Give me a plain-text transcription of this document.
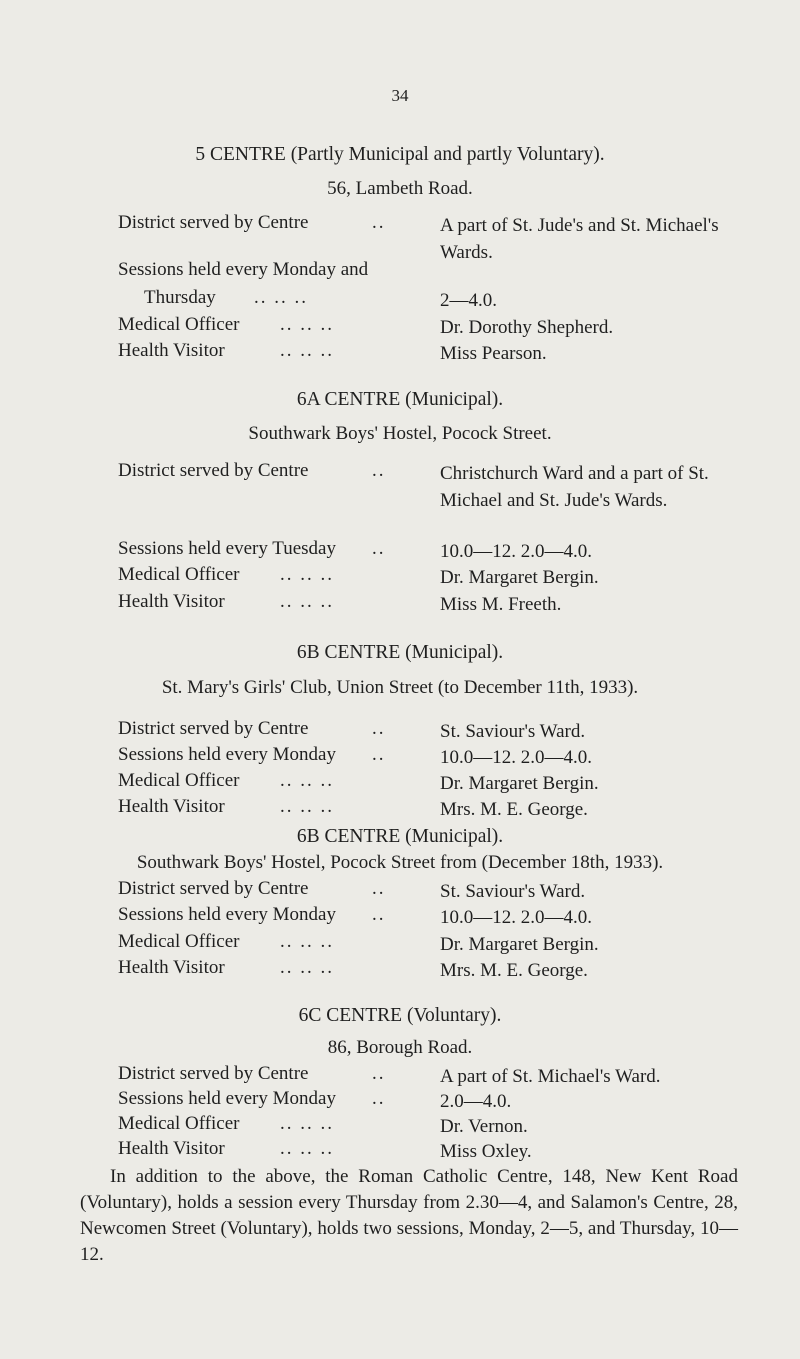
34
5 CENTRE (Partly Municipal and partly Voluntary).
56, Lambeth Road.
District served by Centre	..	A part of St. Jude's and St. Michael's Wards.
Sessions held every Monday and
Thursday	.. .. ..	2—4.0.
Medical Officer	.. .. ..	Dr. Dorothy Shepherd.
Health Visitor	.. .. ..	Miss Pearson.
6A CENTRE (Municipal).
Southwark Boys' Hostel, Pocock Street.
District served by Centre	..	Christchurch Ward and a part of St. Michael and St. Jude's Wards.
Sessions held every Tuesday	..	10.0—12. 2.0—4.0.
Medical Officer	.. .. ..	Dr. Margaret Bergin.
Health Visitor	.. .. ..	Miss M. Freeth.
6B CENTRE (Municipal).
St. Mary's Girls' Club, Union Street (to December 11th, 1933).
District served by Centre	..	St. Saviour's Ward.
Sessions held every Monday	..	10.0—12. 2.0—4.0.
Medical Officer	.. .. ..	Dr. Margaret Bergin.
Health Visitor	.. .. ..	Mrs. M. E. George.
6B CENTRE (Municipal).
Southwark Boys' Hostel, Pocock Street from (December 18th, 1933).
District served by Centre	..	St. Saviour's Ward.
Sessions held every Monday	..	10.0—12. 2.0—4.0.
Medical Officer	.. .. ..	Dr. Margaret Bergin.
Health Visitor	.. .. ..	Mrs. M. E. George.
6C CENTRE (Voluntary).
86, Borough Road.
District served by Centre	..	A part of St. Michael's Ward.
Sessions held every Monday	..	2.0—4.0.
Medical Officer	.. .. ..	Dr. Vernon.
Health Visitor	.. .. ..	Miss Oxley.
In addition to the above, the Roman Catholic Centre, 148, New Kent Road (Voluntary), holds a session every Thursday from 2.30—4, and Salamon's Centre, 28, Newcomen Street (Voluntary), holds two sessions, Monday, 2—5, and Thursday, 10—12.
